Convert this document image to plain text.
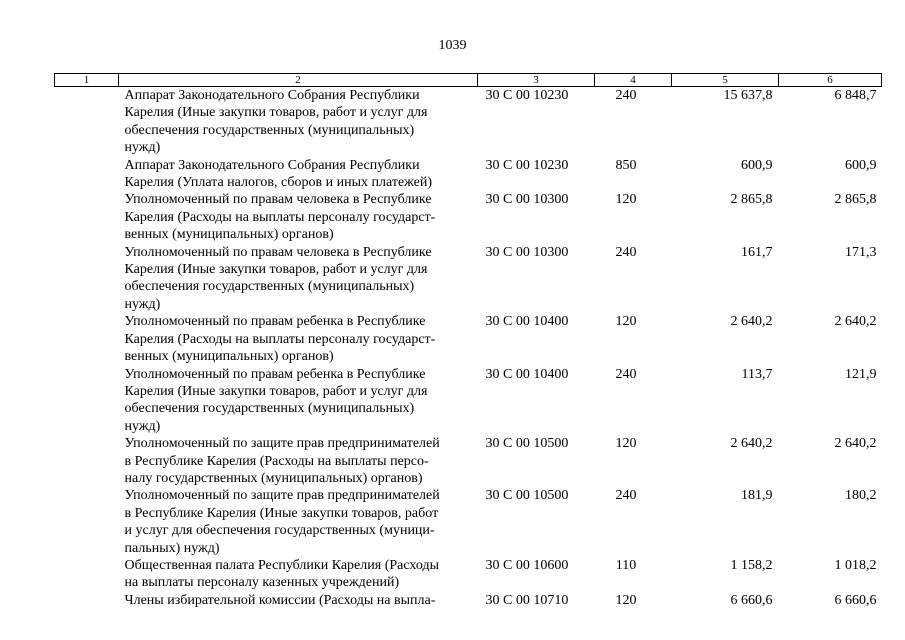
1039
1	2	3	4	5	6

	Аппарат Законодательного Собрания Республики
Карелия (Иные закупки товаров, работ и услуг для
обеспечения государственных (муниципальных)
нужд)	30 С 00 10230	240	15 637,8	6 848,7

	Аппарат Законодательного Собрания Республики
Карелия (Уплата налогов, сборов и иных платежей)	30 С 00 10230	850	600,9	600,9

	Уполномоченный по правам человека в Республике
Карелия (Расходы на выплаты персоналу государст-
венных (муниципальных) органов)	30 С 00 10300	120	2 865,8	2 865,8

	Уполномоченный по правам человека в Республике
Карелия (Иные закупки товаров, работ и услуг для
обеспечения государственных (муниципальных)
нужд)	30 С 00 10300	240	161,7	171,3

	Уполномоченный по правам ребенка в Республике
Карелия (Расходы на выплаты персоналу государст-
венных (муниципальных) органов)	30 С 00 10400	120	2 640,2	2 640,2

	Уполномоченный по правам ребенка в Республике
Карелия (Иные закупки товаров, работ и услуг для
обеспечения государственных (муниципальных)
нужд)	30 С 00 10400	240	113,7	121,9

	Уполномоченный по защите прав предпринимателей
в Республике Карелия (Расходы на выплаты персо-
налу государственных (муниципальных) органов)	30 С 00 10500	120	2 640,2	2 640,2

	Уполномоченный по защите прав предпринимателей
в Республике Карелия (Иные закупки товаров, работ
и услуг для обеспечения государственных (муници-
пальных) нужд)	30 С 00 10500	240	181,9	180,2

	Общественная палата Республики Карелия (Расходы
на выплаты персоналу казенных учреждений)	30 С 00 10600	110	1 158,2	1 018,2

	Члены избирательной комиссии (Расходы на выпла-	30 С 00 10710	120	6 660,6	6 660,6
